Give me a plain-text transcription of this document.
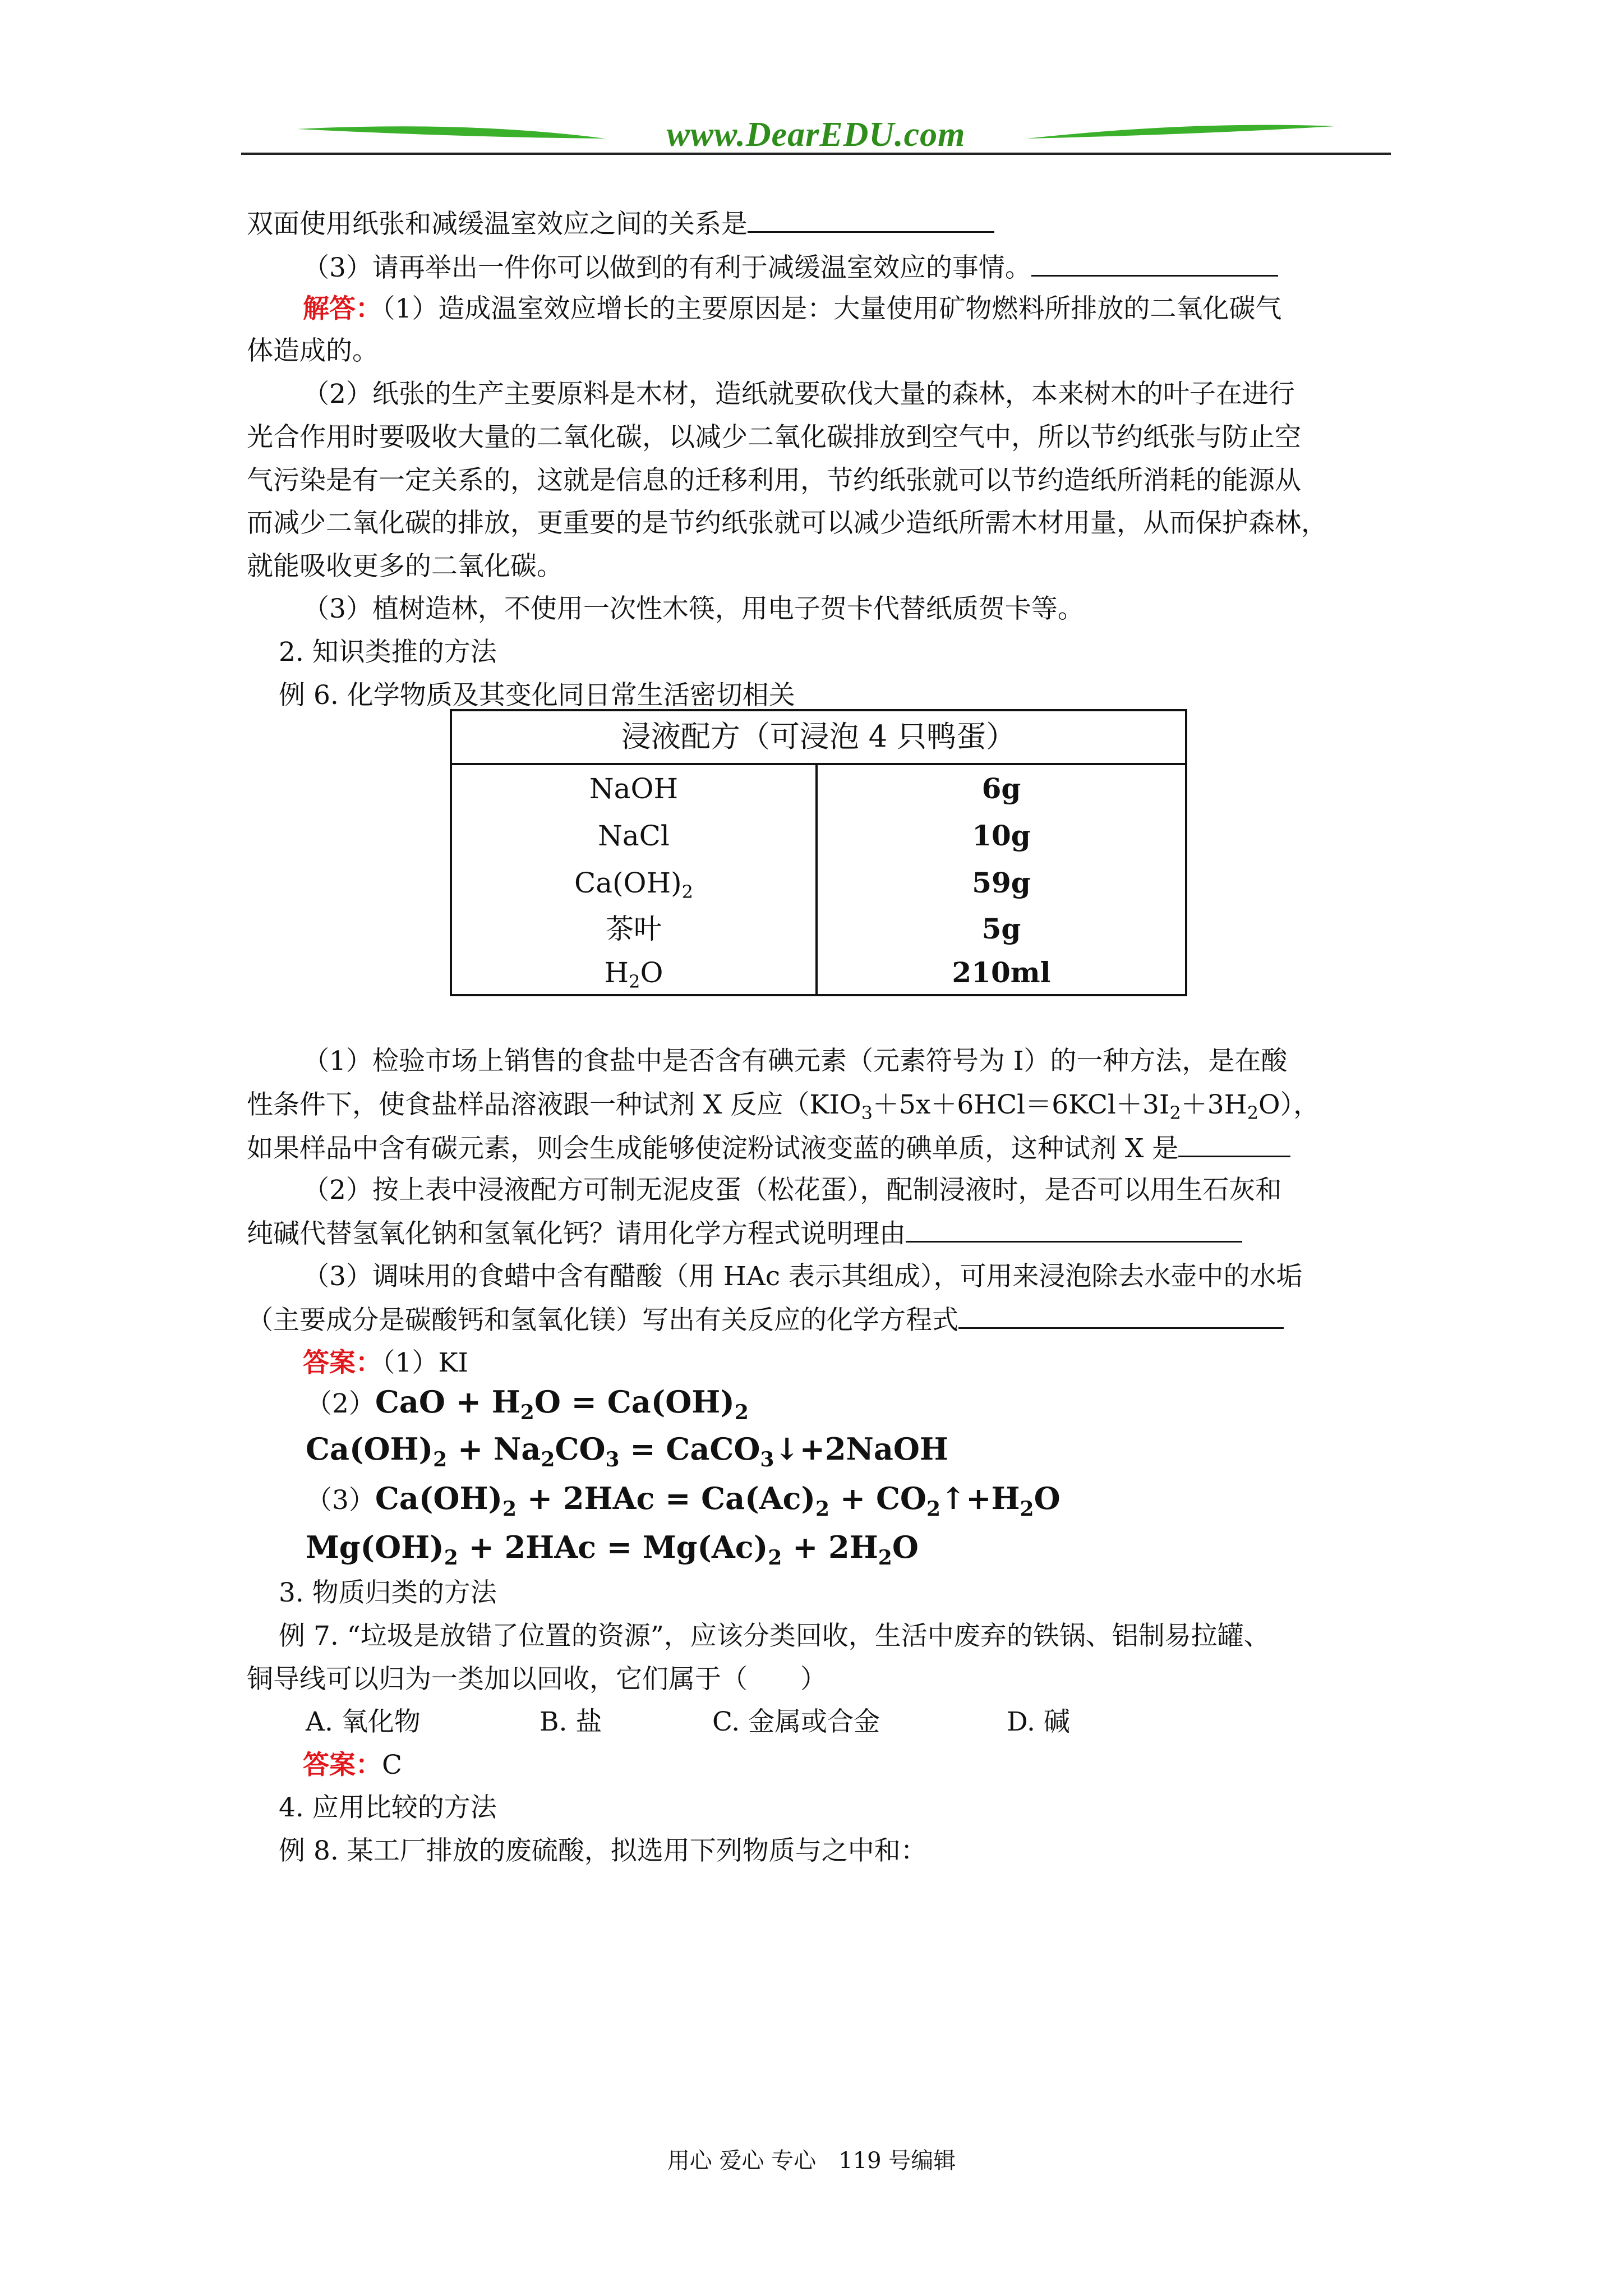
www.DearEDU.com
双面使用纸张和减缓温室效应之间的关系是
（3）请再举出一件你可以做到的有利于减缓温室效应的事情。
解答：（1）造成温室效应增长的主要原因是：大量使用矿物燃料所排放的二氧化碳气
体造成的。
（2）纸张的生产主要原料是木材，造纸就要砍伐大量的森林，本来树木的叶子在进行
光合作用时要吸收大量的二氧化碳，以减少二氧化碳排放到空气中，所以节约纸张与防止空
气污染是有一定关系的，这就是信息的迁移利用，节约纸张就可以节约造纸所消耗的能源从
而减少二氧化碳的排放，更重要的是节约纸张就可以减少造纸所需木材用量，从而保护森林，
就能吸收更多的二氧化碳。
（3）植树造林，不使用一次性木筷，用电子贺卡代替纸质贺卡等。
2. 知识类推的方法
例 6. 化学物质及其变化同日常生活密切相关
浸液配方（可浸泡 4 只鸭蛋）
NaOH	6g
NaCl	10g
$Ca(OH)_2$	59g
茶叶	5g
$H_2O$	210ml
（1）检验市场上销售的食盐中是否含有碘元素（元素符号为 I）的一种方法，是在酸
性条件下，使食盐样品溶液跟一种试剂 X 反应$(KIO_3+5x+6HCl=6KCl+3I_2+3H_2O)$，
如果样品中含有碳元素，则会生成能够使淀粉试液变蓝的碘单质，这种试剂 X 是
（2）按上表中浸液配方可制无泥皮蛋（松花蛋），配制浸液时，是否可以用生石灰和
纯碱代替氢氧化钠和氢氧化钙？请用化学方程式说明理由
（3）调味用的食蜡中含有醋酸（用 HAc 表示其组成），可用来浸泡除去水壶中的水垢
（主要成分是碳酸钙和氢氧化镁）写出有关反应的化学方程式
答案：（1）KI
$(2)CaO + H_2O = Ca(OH)_2$
$Ca(OH)_2 + Na_2CO_3$ = CaCO$_3$↓+2NaOH
$(3)Ca(OH)_2 + 2HAc = Ca(Ac)_2$ + $CO_2↑+H_2O$
$Mg(OH)_2 + 2HAc = Mg(Ac)_2 + 2H_2O$
3. 物质归类的方法
例 7. “垃圾是放错了位置的资源”，应该分类回收，生活中废弃的铁锅、铝制易拉罐、
铜导线可以归为一类加以回收，它们属于（　　）
A. 氧化物	B. 盐	C. 金属或合金	D. 碱
答案：C
4. 应用比较的方法
例 8. 某工厂排放的废硫酸，拟选用下列物质与之中和：
用心 爱心 专心　119 号编辑
